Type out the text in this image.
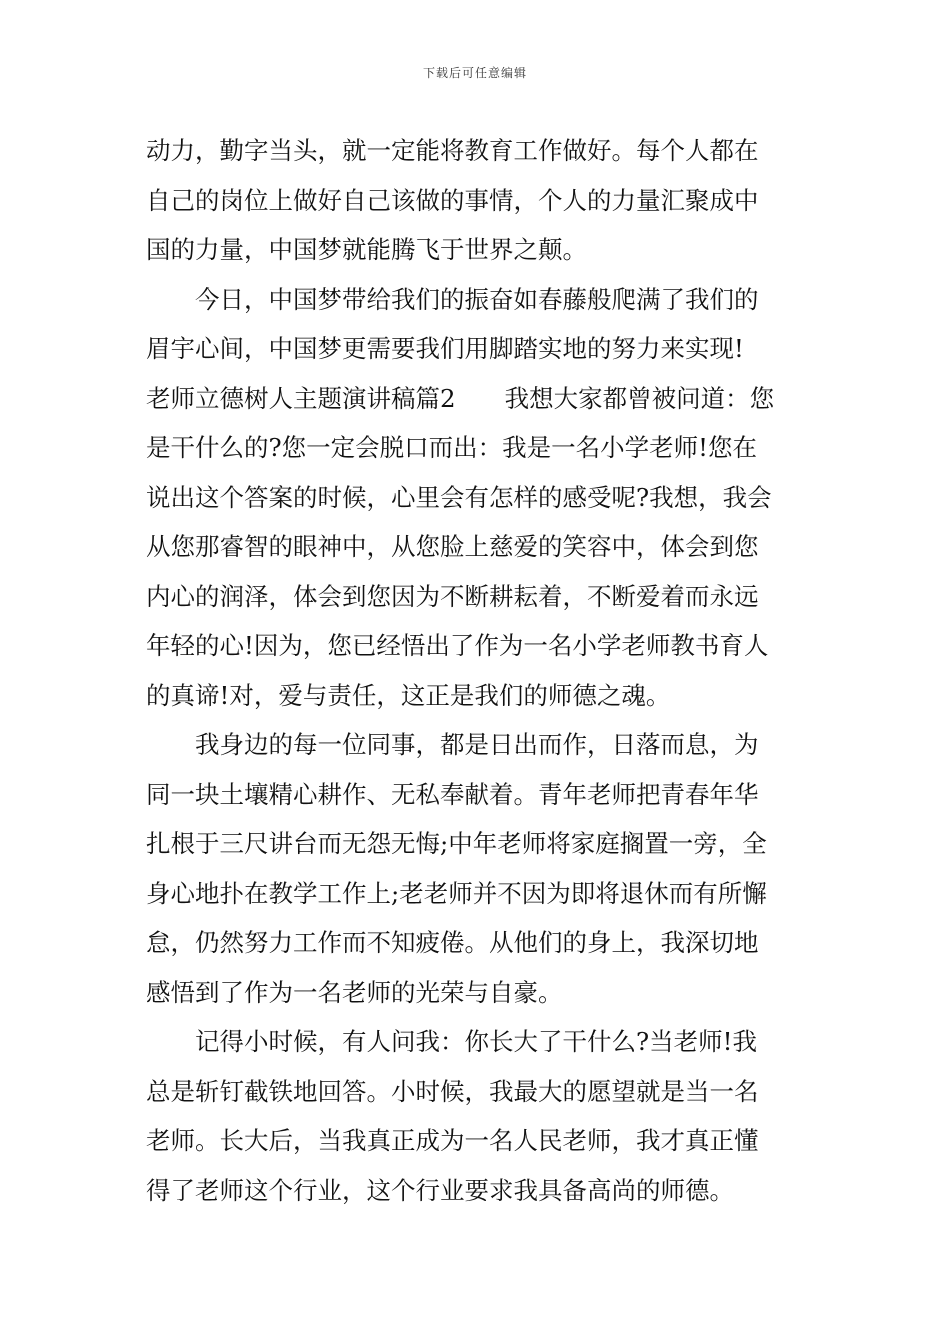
下载后可任意编辑
动力，勤字当头，就一定能将教育工作做好。每个人都在
自己的岗位上做好自己该做的事情，个人的力量汇聚成中
国的力量，中国梦就能腾飞于世界之颠。
　　今日，中国梦带给我们的振奋如春藤般爬满了我们的
眉宇心间，中国梦更需要我们用脚踏实地的努力来实现!
老师立德树人主题演讲稿篇2　　我想大家都曾被问道：您
是干什么的?您一定会脱口而出：我是一名小学老师!您在
说出这个答案的时候，心里会有怎样的感受呢?我想，我会
从您那睿智的眼神中，从您脸上慈爱的笑容中，体会到您
内心的润泽，体会到您因为不断耕耘着，不断爱着而永远
年轻的心!因为，您已经悟出了作为一名小学老师教书育人
的真谛!对，爱与责任，这正是我们的师德之魂。
　　我身边的每一位同事，都是日出而作，日落而息，为
同一块土壤精心耕作、无私奉献着。青年老师把青春年华
扎根于三尺讲台而无怨无悔;中年老师将家庭搁置一旁，全
身心地扑在教学工作上;老老师并不因为即将退休而有所懈
怠，仍然努力工作而不知疲倦。从他们的身上，我深切地
感悟到了作为一名老师的光荣与自豪。
　　记得小时候，有人问我：你长大了干什么?当老师!我
总是斩钉截铁地回答。小时候，我最大的愿望就是当一名
老师。长大后，当我真正成为一名人民老师，我才真正懂
得了老师这个行业，这个行业要求我具备高尚的师德。
